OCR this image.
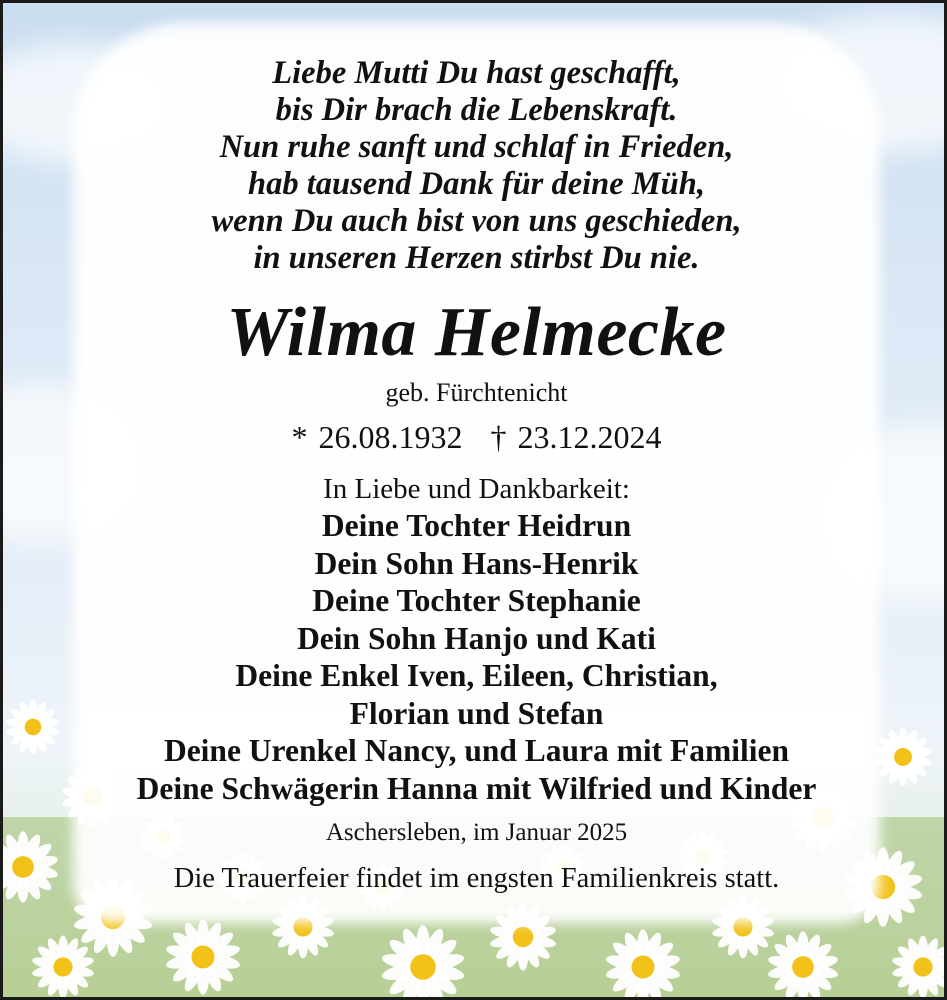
Liebe Mutti Du hast geschafft,
bis Dir brach die Lebenskraft.
Nun ruhe sanft und schlaf in Frieden,
hab tausend Dank für deine Müh,
wenn Du auch bist von uns geschieden,
in unseren Herzen stirbst Du nie.
Wilma Helmecke
geb. Fürchtenicht
* 26.08.1932 † 23.12.2024
In Liebe und Dankbarkeit:
Deine Tochter Heidrun
Dein Sohn Hans-Henrik
Deine Tochter Stephanie
Dein Sohn Hanjo und Kati
Deine Enkel Iven, Eileen, Christian,
Florian und Stefan
Deine Urenkel Nancy, und Laura mit Familien
Deine Schwägerin Hanna mit Wilfried und Kinder
Aschersleben, im Januar 2025
Die Trauerfeier findet im engsten Familienkreis statt.
